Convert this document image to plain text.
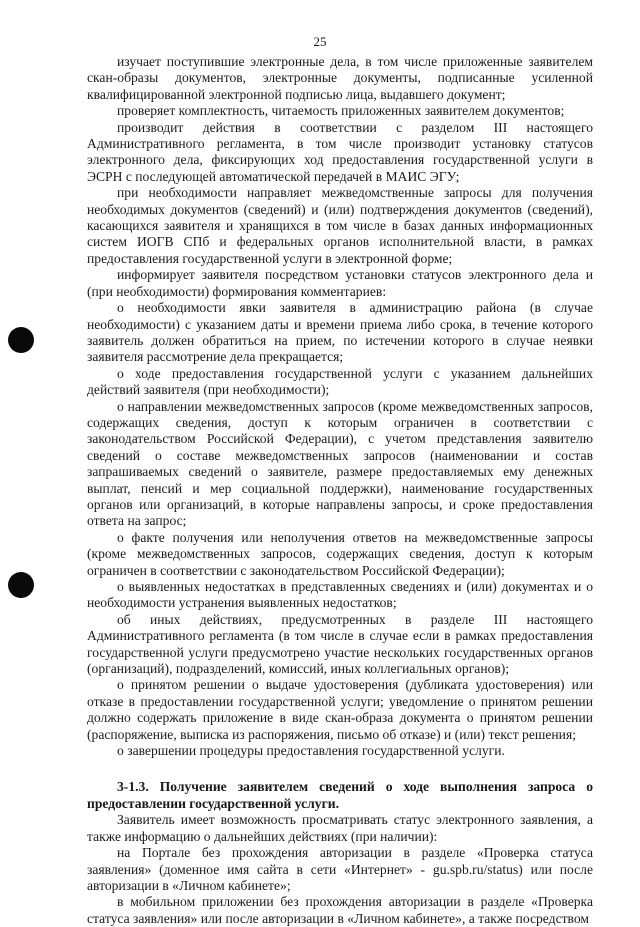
25

изучает поступившие электронные дела, в том числе приложенные заявителем скан-образы документов, электронные документы, подписанные усиленной квалифицированной электронной подписью лица, выдавшего документ;

проверяет комплектность, читаемость приложенных заявителем документов;

производит действия в соответствии с разделом III настоящего Административного регламента, в том числе производит установку статусов электронного дела, фиксирующих ход предоставления государственной услуги в ЭСРН с последующей автоматической передачей в МАИС ЭГУ;

при необходимости направляет межведомственные запросы для получения необходимых документов (сведений) и (или) подтверждения документов (сведений), касающихся заявителя и хранящихся в том числе в базах данных информационных систем ИОГВ СПб и федеральных органов исполнительной власти, в рамках предоставления государственной услуги в электронной форме;

информирует заявителя посредством установки статусов электронного дела и (при необходимости) формирования комментариев:

о необходимости явки заявителя в администрацию района (в случае необходимости) с указанием даты и времени приема либо срока, в течение которого заявитель должен обратиться на прием, по истечении которого в случае неявки заявителя рассмотрение дела прекращается;

о ходе предоставления государственной услуги с указанием дальнейших действий заявителя (при необходимости);

о направлении межведомственных запросов (кроме межведомственных запросов, содержащих сведения, доступ к которым ограничен в соответствии с законодательством Российской Федерации), с учетом представления заявителю сведений о составе межведомственных запросов (наименовании и состав запрашиваемых сведений о заявителе, размере предоставляемых ему денежных выплат, пенсий и мер социальной поддержки), наименование государственных органов или организаций, в которые направлены запросы, и сроке предоставления ответа на запрос;

о факте получения или неполучения ответов на межведомственные запросы (кроме межведомственных запросов, содержащих сведения, доступ к которым ограничен в соответствии с законодательством Российской Федерации);

о выявленных недостатках в представленных сведениях и (или) документах и о необходимости устранения выявленных недостатков;

об иных действиях, предусмотренных в разделе III настоящего Административного регламента (в том числе в случае если в рамках предоставления государственной услуги предусмотрено участие нескольких государственных органов (организаций), подразделений, комиссий, иных коллегиальных органов);

о принятом решении о выдаче удостоверения (дубликата удостоверения) или отказе в предоставлении государственной услуги; уведомление о принятом решении должно содержать приложение в виде скан-образа документа о принятом решении (распоряжение, выписка из распоряжения, письмо об отказе) и (или) текст решения;

о завершении процедуры предоставления государственной услуги.

3-1.3. Получение заявителем сведений о ходе выполнения запроса о предоставлении государственной услуги.

Заявитель имеет возможность просматривать статус электронного заявления, а также информацию о дальнейших действиях (при наличии):

на Портале без прохождения авторизации в разделе «Проверка статуса заявления» (доменное имя сайта в сети «Интернет» - gu.spb.ru/status) или после авторизации в «Личном кабинете»;

в мобильном приложении без прохождения авторизации в разделе «Проверка статуса заявления» или после авторизации в «Личном кабинете», а также посредством
